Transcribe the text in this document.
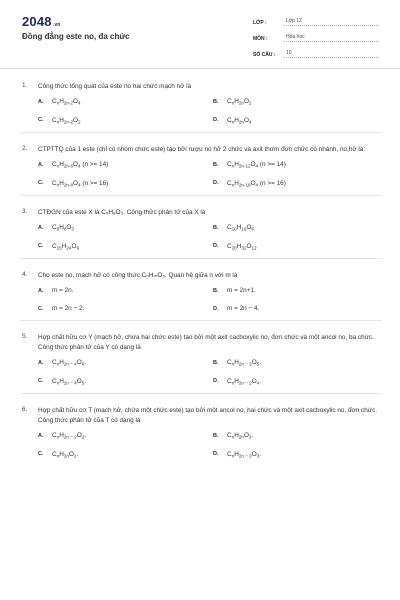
2048.vn
Đồng đẳng este no, đa chức
LỚP :	Lớp 12
MÔN :	Hóa học
SỐ CÂU :	10
1. Công thức tổng quát của este no hai chức mạch hở là
A.	$C_nH_{2n-2}O_4$	B.	$C_nH_{2n}O_2$
C.	$C_nH_{2n-2}O_2$	D.	$C_nH_{2n}O_4$
2. CTPTTQ của 1 este (chỉ có nhóm chức este) tạo bởi rượu no hở 2 chức và axit thơm đơn chức có nhánh, no,hở là:
A.	$C_nH_{2n-6}O_4$ (n >= 14)	B.	$C_nH_{2n-12}O_4$ (n >= 14)
C.	$C_nH_{2n-8}O_4$ (n >= 16)	D.	$C_nH_{2n-18}O_4$ (n >= 16)
3. CTĐGN của este X là C₅H₈O₃. Công thức phân tử của X là
A.	$C_5H_8O_3$	B.	$C_{10}H_{16}O_6$
C.	$C_{15}H_{24}O_9$	D.	$C_{20}H_{32}O_{12}$
4. Cho este no, mạch hở có công thức CₙHₘO₆. Quan hệ giữa n với m là
A.	m = 2n.	B.	m = 2n+1.
C.	m = 2n − 2.	D.	m = 2n − 4.
5. Hợp chất hữu cơ Y (mạch hở, chứa hai chức este) tạo bởi một axit cacboxylic no, đơn chức và một ancol no, ba chức. Công thức phân tử của Y có dạng là
A.	$C_nH_{2n - 4}O_6$.	B.	$C_nH_{2n - 2}O_5$.
C.	$C_nH_{2n - 4}O_5$.	D.	$C_nH_{2n - 2}O_4$.
6. Hợp chất hữu cơ T (mạch hở, chứa một chức este) tạo bởi một ancol no, hai chức và một axit cacboxylic no, đơn chức. Công thức phân tử của T có dạng là
A.	$C_nH_{2n - 2}O_2$.	B.	$C_nH_{2n}O_3$.
C.	$C_nH_{2n}O_2$.	D.	$C_nH_{2n - 2}O_3$.
